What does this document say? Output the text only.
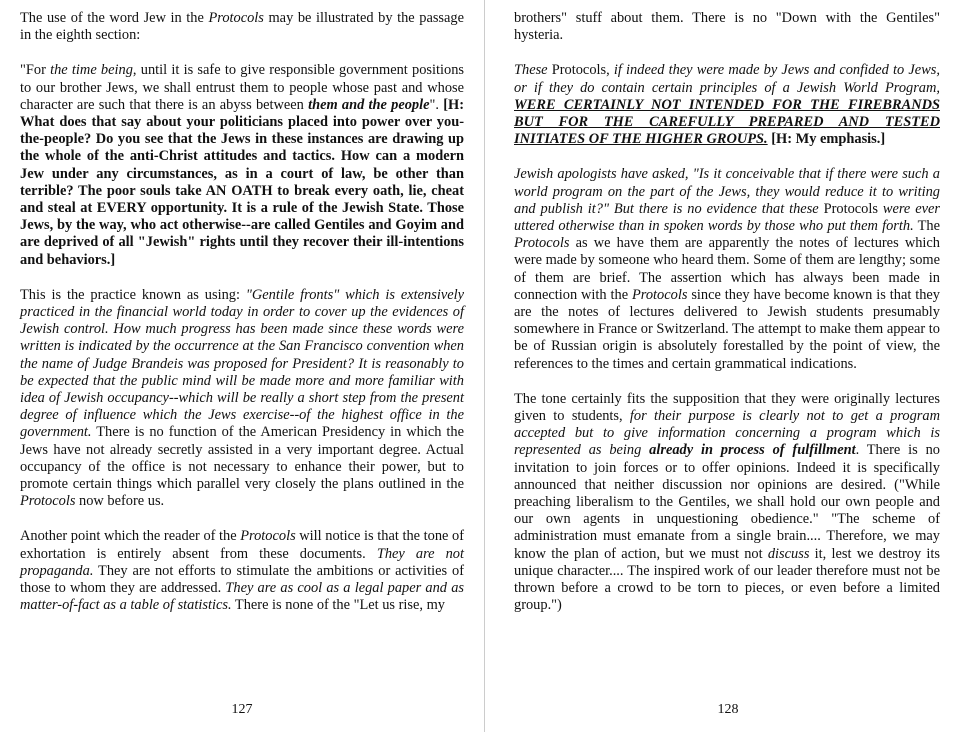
The use of the word Jew in the Protocols may be illustrated by the passage in the eighth section:

"For the time being, until it is safe to give responsible government positions to our brother Jews, we shall entrust them to people whose past and whose character are such that there is an abyss between them and the people". [H: What does that say about your politicians placed into power over you-the-people? Do you see that the Jews in these instances are drawing up the whole of the anti-Christ attitudes and tactics. How can a modern Jew under any circumstances, as in a court of law, be other than terrible? The poor souls take AN OATH to break every oath, lie, cheat and steal at EVERY opportunity. It is a rule of the Jewish State. Those Jews, by the way, who act otherwise--are called Gentiles and Goyim and are deprived of all "Jewish" rights until they recover their ill-intentions and behaviors.]

This is the practice known as using: "Gentile fronts" which is extensively practiced in the financial world today in order to cover up the evidences of Jewish control. How much progress has been made since these words were written is indicated by the occurrence at the San Francisco convention when the name of Judge Brandeis was proposed for President? It is reasonably to be expected that the public mind will be made more and more familiar with idea of Jewish occupancy--which will be really a short step from the present degree of influence which the Jews exercise--of the highest office in the government. There is no function of the American Presidency in which the Jews have not already secretly assisted in a very important degree. Actual occupancy of the office is not necessary to enhance their power, but to promote certain things which parallel very closely the plans outlined in the Protocols now before us.

Another point which the reader of the Protocols will notice is that the tone of exhortation is entirely absent from these documents. They are not propaganda. They are not efforts to stimulate the ambitions or activities of those to whom they are addressed. They are as cool as a legal paper and as matter-of-fact as a table of statistics. There is none of the "Let us rise, my

127

brothers" stuff about them. There is no "Down with the Gentiles" hysteria.

These Protocols, if indeed they were made by Jews and confided to Jews, or if they do contain certain principles of a Jewish World Program, WERE CERTAINLY NOT INTENDED FOR THE FIREBRANDS BUT FOR THE CAREFULLY PREPARED AND TESTED INITIATES OF THE HIGHER GROUPS. [H: My emphasis.]

Jewish apologists have asked, "Is it conceivable that if there were such a world program on the part of the Jews, they would reduce it to writing and publish it?" But there is no evidence that these Protocols were ever uttered otherwise than in spoken words by those who put them forth. The Protocols as we have them are apparently the notes of lectures which were made by someone who heard them. Some of them are lengthy; some of them are brief. The assertion which has always been made in connection with the Protocols since they have become known is that they are the notes of lectures delivered to Jewish students presumably somewhere in France or Switzerland. The attempt to make them appear to be of Russian origin is absolutely forestalled by the point of view, the references to the times and certain grammatical indications.

The tone certainly fits the supposition that they were originally lectures given to students, for their purpose is clearly not to get a program accepted but to give information concerning a program which is represented as being already in process of fulfillment. There is no invitation to join forces or to offer opinions. Indeed it is specifically announced that neither discussion nor opinions are desired. ("While preaching liberalism to the Gentiles, we shall hold our own people and our own agents in unquestioning obedience." "The scheme of administration must emanate from a single brain.... Therefore, we may know the plan of action, but we must not discuss it, lest we destroy its unique character.... The inspired work of our leader therefore must not be thrown before a crowd to be torn to pieces, or even before a limited group.")

128
